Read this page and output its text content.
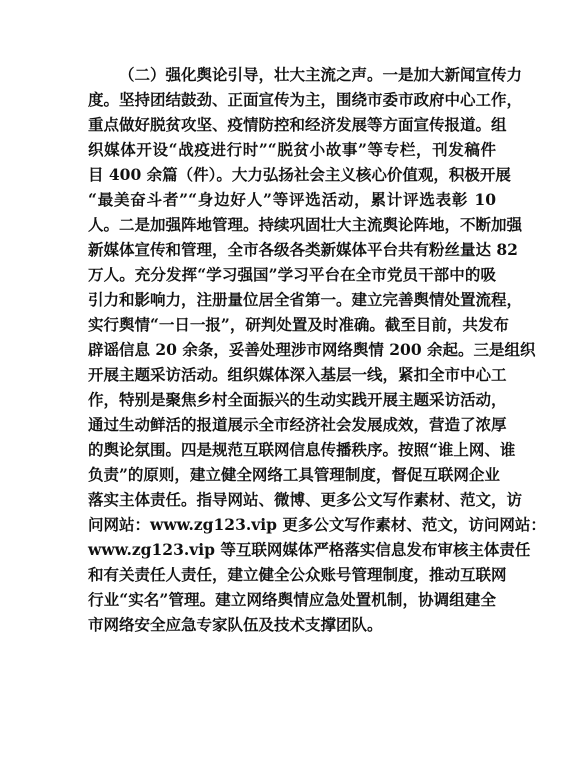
（二）强化舆论引导，壮大主流之声。一是加大新闻宣传力
度。坚持团结鼓劲、正面宣传为主，围绕市委市政府中心工作，
重点做好脱贫攻坚、疫情防控和经济发展等方面宣传报道。组
织媒体开设“战疫进行时”“脱贫小故事”等专栏，刊发稿件
目 400 余篇（件）。大力弘扬社会主义核心价值观，积极开展
“最美奋斗者”“身边好人”等评选活动，累计评选表彰 10
人。二是加强阵地管理。持续巩固壮大主流舆论阵地，不断加强
新媒体宣传和管理，全市各级各类新媒体平台共有粉丝量达 82
万人。充分发挥“学习强国”学习平台在全市党员干部中的吸
引力和影响力，注册量位居全省第一。建立完善舆情处置流程，
实行舆情“一日一报”，研判处置及时准确。截至目前，共发布
辟谣信息 20 余条，妥善处理涉市网络舆情 200 余起。三是组织
开展主题采访活动。组织媒体深入基层一线，紧扣全市中心工
作，特别是聚焦乡村全面振兴的生动实践开展主题采访活动，
通过生动鲜活的报道展示全市经济社会发展成效，营造了浓厚
的舆论氛围。四是规范互联网信息传播秩序。按照“谁上网、谁
负责”的原则，建立健全网络工具管理制度，督促互联网企业
落实主体责任。指导网站、微博、更多公文写作素材、范文，访
问网站：www.zg123.vip 更多公文写作素材、范文，访问网站：
www.zg123.vip 等互联网媒体严格落实信息发布审核主体责任
和有关责任人责任，建立健全公众账号管理制度，推动互联网
行业“实名”管理。建立网络舆情应急处置机制，协调组建全
市网络安全应急专家队伍及技术支撑团队。
